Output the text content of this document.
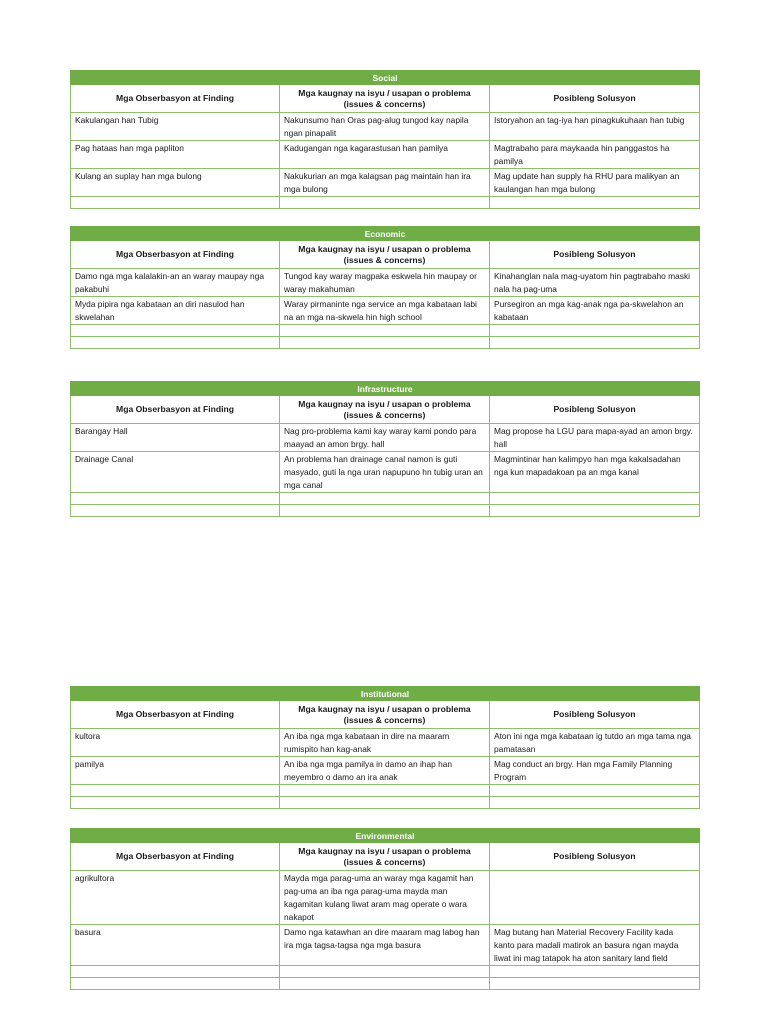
Social		
Mga Obserbasyon at Finding	Mga kaugnay na isyu / usapan o problema (issues & concerns)	Posibleng Solusyon
Kakulangan han Tubig	Nakunsumo han Oras pag-alug tungod kay napila ngan pinapalit	Istoryahon an tag-iya han pinagkukuhaan han tubig
Pag hataas han mga papliton	Kadugangan nga kagarastusan han pamilya	Magtrabaho para maykaada hin panggastos ha pamilya
Kulang an suplay han mga bulong	Nakukurian an mga kalagsan pag maintain han ira mga bulong	Mag update han supply ha RHU para malikyan an kaulangan han mga bulong

Economic		
Mga Obserbasyon at Finding	Mga kaugnay na isyu / usapan o problema (issues & concerns)	Posibleng Solusyon
Damo nga mga kalalakin-an an waray maupay nga pakabuhi	Tungod kay waray magpaka eskwela hin maupay or waray makahuman	Kinahanglan nala mag-uyatom hin pagtrabaho maski nala ha pag-uma
Myda pipira nga kabataan an diri nasulod han skwelahan	Waray pirmaninte nga service an mga kabataan labi na an mga na-skwela hin high school	Pursegiron an mga kag-anak nga pa-skwelahon an kabataan

Infrastructure		
Mga Obserbasyon at Finding	Mga kaugnay na isyu / usapan o problema (issues & concerns)	Posibleng Solusyon
Barangay Hall	Nag pro-problema kami kay waray kami pondo para maayad an amon brgy. hall	Mag propose ha LGU para mapa-ayad an amon brgy. hall
Drainage Canal	An problema han drainage canal namon is guti masyado, guti la nga uran napupuno hn tubig uran an mga canal	Magmintinar han kalimpyo han mga kakalsadahan nga kun mapadakoan pa an mga kanal

Institutional		
Mga Obserbasyon at Finding	Mga kaugnay na isyu / usapan o problema (issues & concerns)	Posibleng Solusyon
kultora	An iba nga mga kabataan in dire na maaram rumispito han kag-anak	Aton ini nga mga kabataan ig tutdo an mga tama nga pamatasan
pamilya	An iba nga mga pamilya in damo an ihap han meyembro o damo an ira anak	Mag conduct an brgy. Han mga Family Planning Program

Environmental		
Mga Obserbasyon at Finding	Mga kaugnay na isyu / usapan o problema (issues & concerns)	Posibleng Solusyon
agrikultora	Mayda mga parag-uma an waray mga kagamit han pag-uma an iba nga parag-uma mayda man kagamitan kulang liwat aram mag operate o wara nakapot	
basura	Damo nga katawhan an dire maaram mag labog han ira mga tagsa-tagsa nga mga basura	Mag butang han Material Recovery Facility kada kanto para madali matirok an basura ngan mayda liwat ini mag tatapok ha aton sanitary land field
